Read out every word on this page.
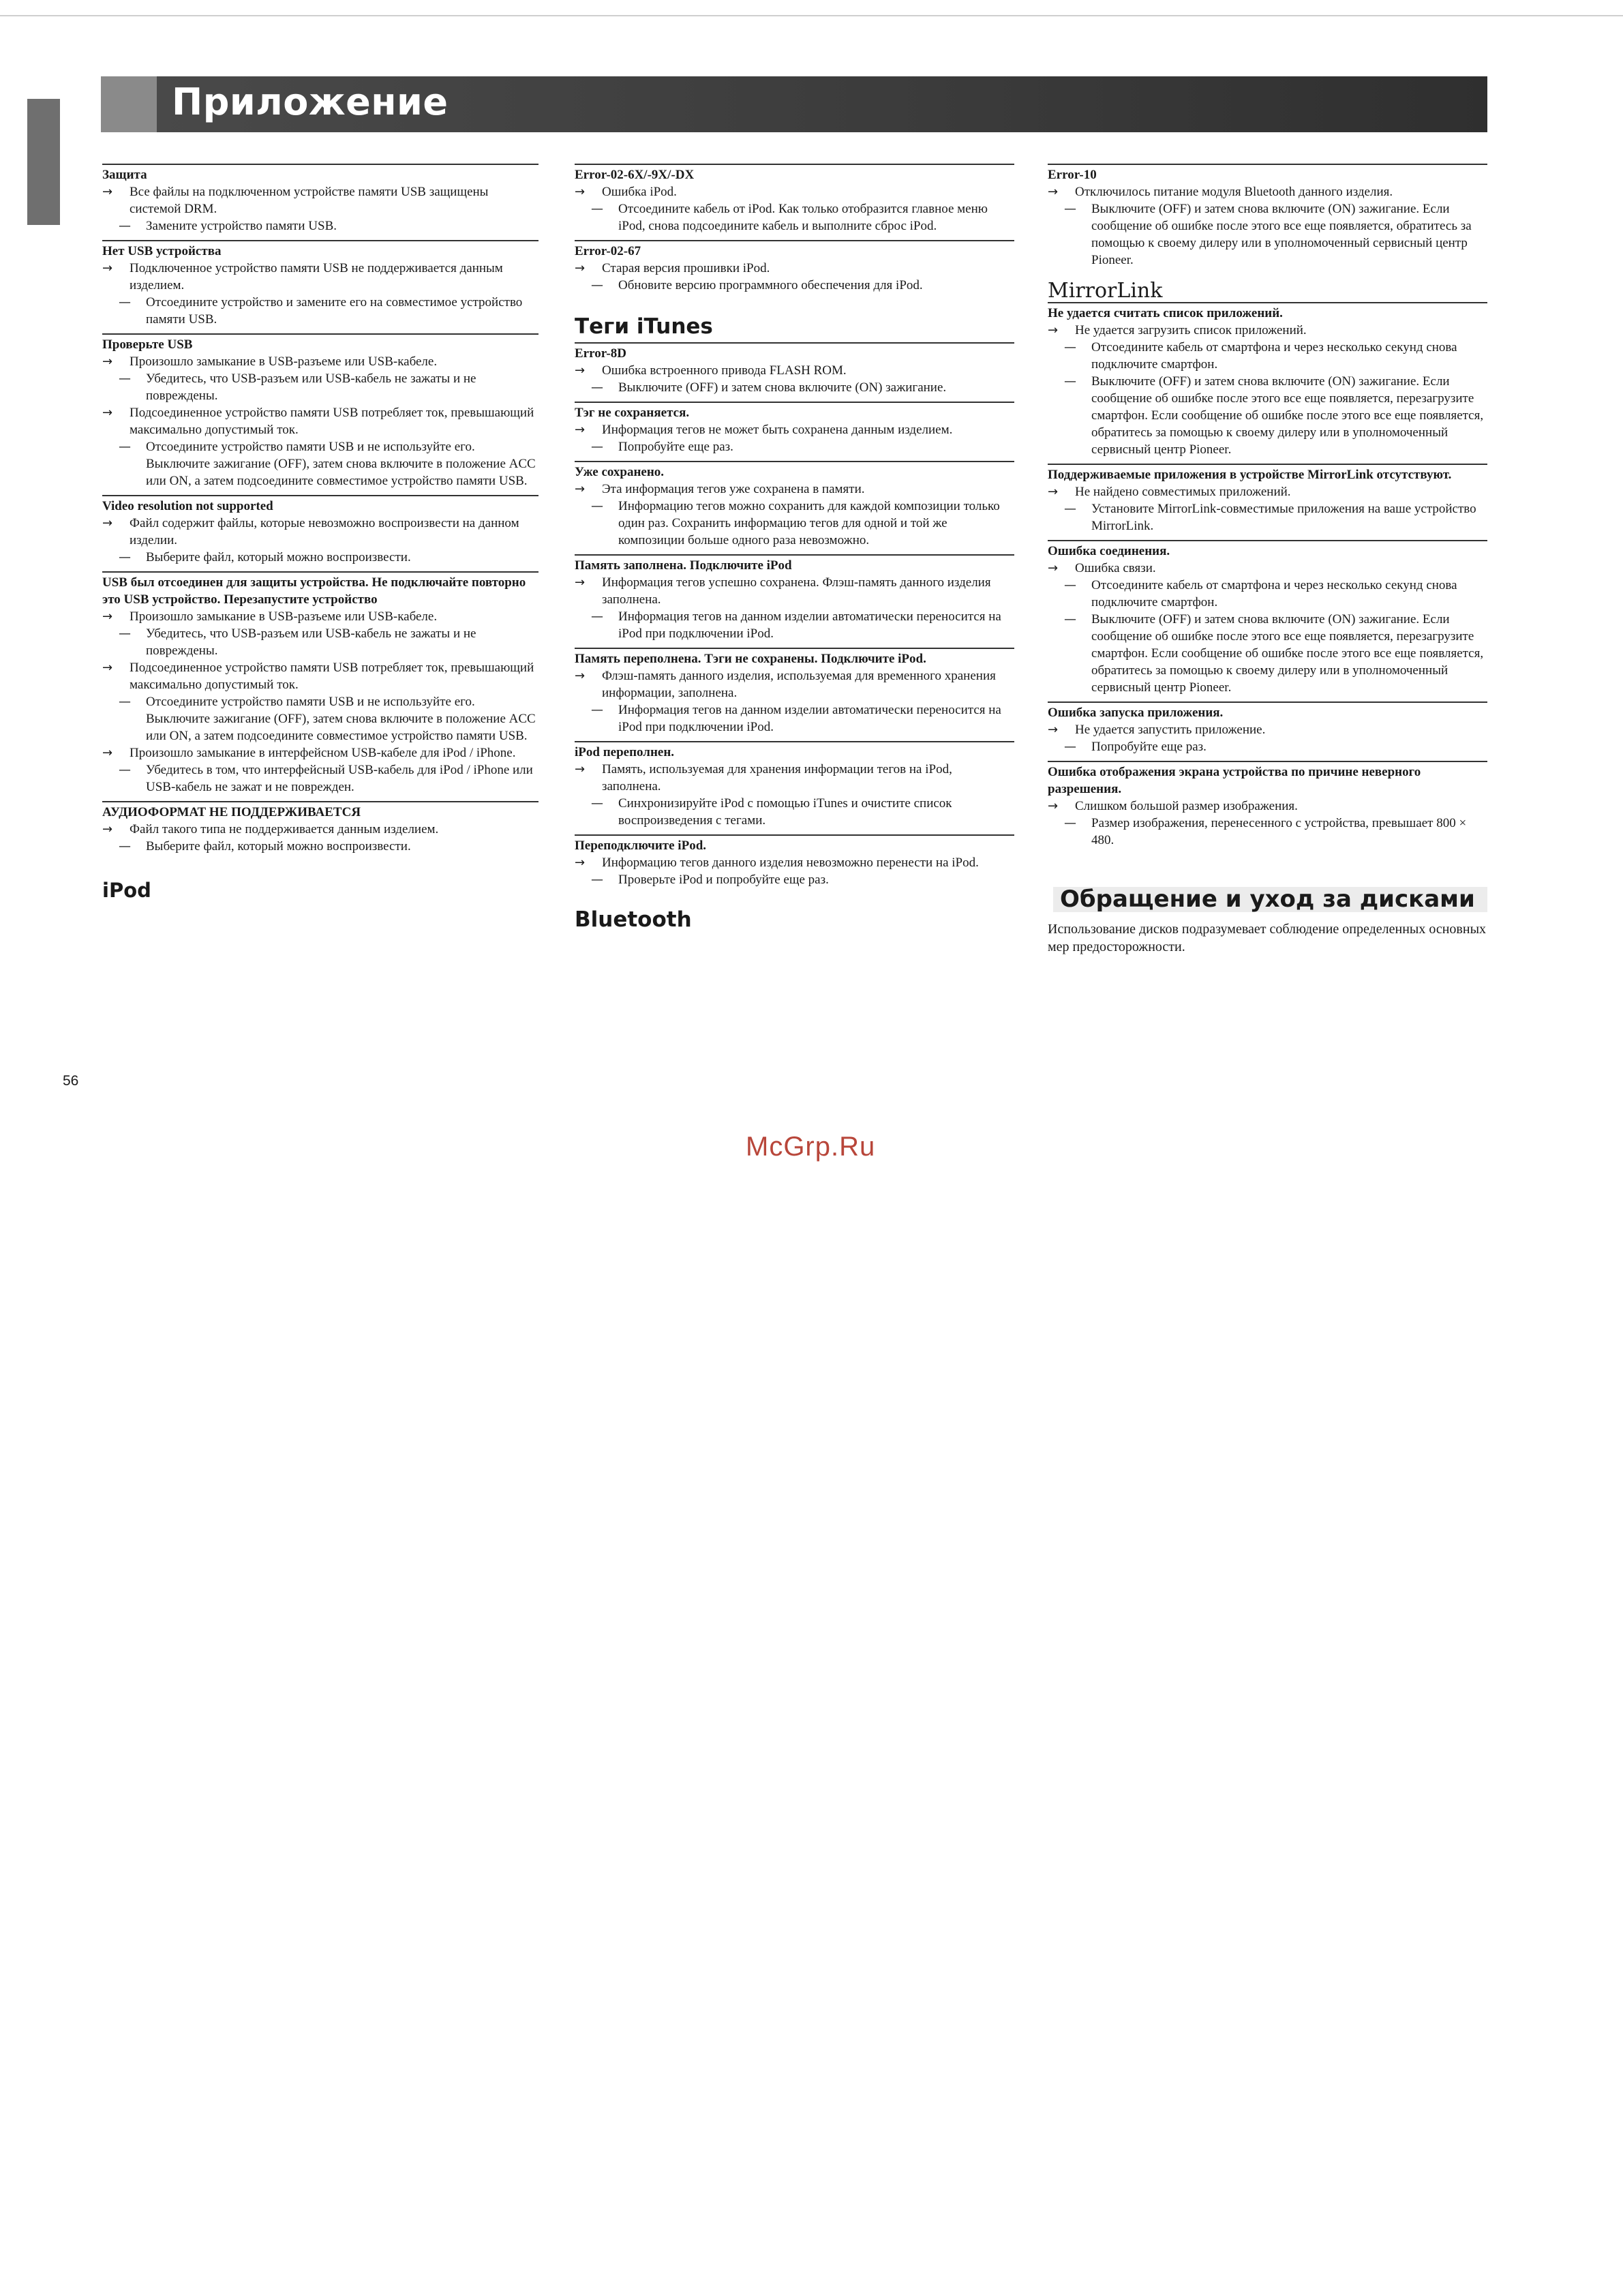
Приложение
Защита
→	Все файлы на подключенном устройстве памяти USB защищены системой DRM.
—	Замените устройство памяти USB.
Нет USB устройства
→	Подключенное устройство памяти USB не поддерживается данным изделием.
—	Отсоедините устройство и замените его на совместимое устройство памяти USB.
Проверьте USB
→	Произошло замыкание в USB-разъеме или USB-кабеле.
—	Убедитесь, что USB-разъем или USB-кабель не зажаты и не повреждены.
→	Подсоединенное устройство памяти USB потребляет ток, превышающий максимально допустимый ток.
—	Отсоедините устройство памяти USB и не используйте его. Выключите зажигание (OFF), затем снова включите в положение ACC или ON, а затем подсоедините совместимое устройство памяти USB.
Video resolution not supported
→	Файл содержит файлы, которые невозможно воспроизвести на данном изделии.
—	Выберите файл, который можно воспроизвести.
USB был отсоединен для защиты устройства. Не подключайте повторно это USB устройство. Перезапустите устройство
→	Произошло замыкание в USB-разъеме или USB-кабеле.
—	Убедитесь, что USB-разъем или USB-кабель не зажаты и не повреждены.
→	Подсоединенное устройство памяти USB потребляет ток, превышающий максимально допустимый ток.
—	Отсоедините устройство памяти USB и не используйте его. Выключите зажигание (OFF), затем снова включите в положение ACC или ON, а затем подсоедините совместимое устройство памяти USB.
→	Произошло замыкание в интерфейсном USB-кабеле для iPod / iPhone.
—	Убедитесь в том, что интерфейсный USB-кабель для iPod / iPhone или USB-кабель не зажат и не поврежден.
АУДИОФОРМАТ НЕ ПОДДЕРЖИВАЕТСЯ
→	Файл такого типа не поддерживается данным изделием.
—	Выберите файл, который можно воспроизвести.
iPod
Error-02-6X/-9X/-DX
→	Ошибка iPod.
—	Отсоедините кабель от iPod. Как только отобразится главное меню iPod, снова подсоедините кабель и выполните сброс iPod.
Error-02-67
→	Старая версия прошивки iPod.
—	Обновите версию программного обеспечения для iPod.
Теги iTunes
Error-8D
→	Ошибка встроенного привода FLASH ROM.
—	Выключите (OFF) и затем снова включите (ON) зажигание.
Тэг не сохраняется.
→	Информация тегов не может быть сохранена данным изделием.
—	Попробуйте еще раз.
Уже сохранено.
→	Эта информация тегов уже сохранена в памяти.
—	Информацию тегов можно сохранить для каждой композиции только один раз. Сохранить информацию тегов для одной и той же композиции больше одного раза невозможно.
Память заполнена. Подключите iPod
→	Информация тегов успешно сохранена. Флэш-память данного изделия заполнена.
—	Информация тегов на данном изделии автоматически переносится на iPod при подключении iPod.
Память переполнена. Тэги не сохранены. Подключите iPod.
→	Флэш-память данного изделия, используемая для временного хранения информации, заполнена.
—	Информация тегов на данном изделии автоматически переносится на iPod при подключении iPod.
iPod переполнен.
→	Память, используемая для хранения информации тегов на iPod, заполнена.
—	Синхронизируйте iPod с помощью iTunes и очистите список воспроизведения с тегами.
Переподключите iPod.
→	Информацию тегов данного изделия невозможно перенести на iPod.
—	Проверьте iPod и попробуйте еще раз.
Bluetooth
Error-10
→	Отключилось питание модуля Bluetooth данного изделия.
—	Выключите (OFF) и затем снова включите (ON) зажигание. Если сообщение об ошибке после этого все еще появляется, обратитесь за помощью к своему дилеру или в уполномоченный сервисный центр Pioneer.
MirrorLink
Не удается считать список приложений.
→	Не удается загрузить список приложений.
—	Отсоедините кабель от смартфона и через несколько секунд снова подключите смартфон.
—	Выключите (OFF) и затем снова включите (ON) зажигание. Если сообщение об ошибке после этого все еще появляется, перезагрузите смартфон. Если сообщение об ошибке после этого все еще появляется, обратитесь за помощью к своему дилеру или в уполномоченный сервисный центр Pioneer.
Поддерживаемые приложения в устройстве MirrorLink отсутствуют.
→	Не найдено совместимых приложений.
—	Установите MirrorLink-совместимые приложения на ваше устройство MirrorLink.
Ошибка соединения.
→	Ошибка связи.
—	Отсоедините кабель от смартфона и через несколько секунд снова подключите смартфон.
—	Выключите (OFF) и затем снова включите (ON) зажигание. Если сообщение об ошибке после этого все еще появляется, перезагрузите смартфон. Если сообщение об ошибке после этого все еще появляется, обратитесь за помощью к своему дилеру или в уполномоченный сервисный центр Pioneer.
Ошибка запуска приложения.
→	Не удается запустить приложение.
—	Попробуйте еще раз.
Ошибка отображения экрана устройства по причине неверного разрешения.
→	Слишком большой размер изображения.
—	Размер изображения, перенесенного с устройства, превышает 800 × 480.
Обращение и уход за дисками
Использование дисков подразумевает соблюдение определенных основных мер предосторожности.
56
McGrp.Ru
